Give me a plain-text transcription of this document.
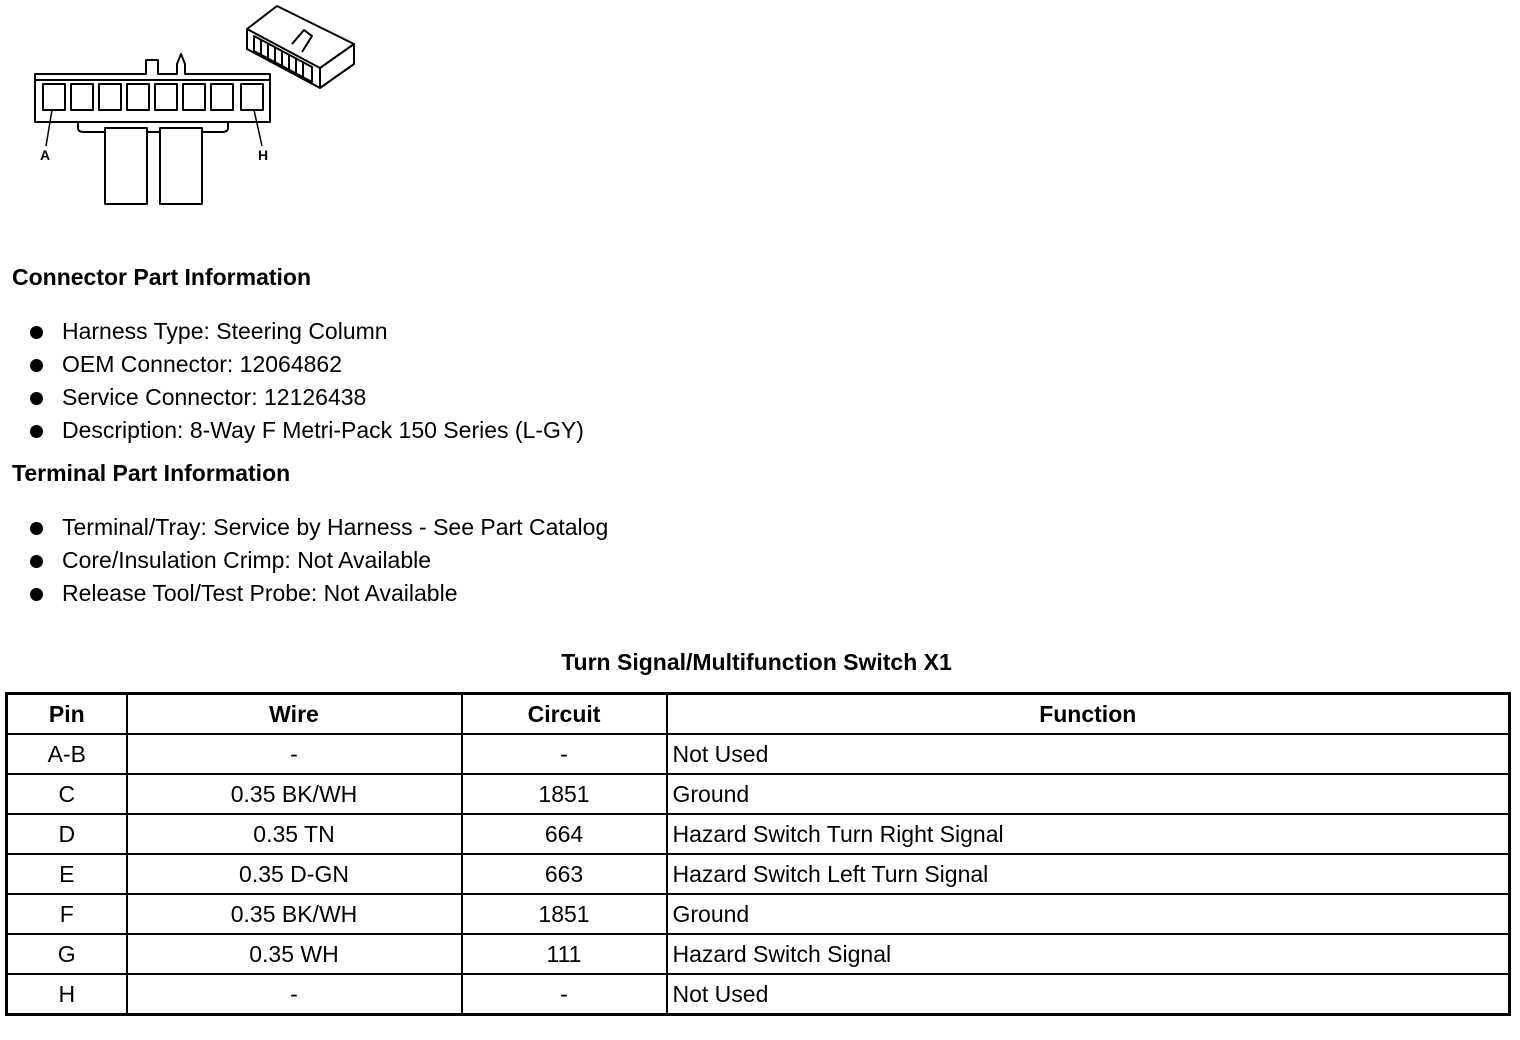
A	H
Connector Part Information
Harness Type: Steering Column
OEM Connector: 12064862
Service Connector: 12126438
Description: 8-Way F Metri-Pack 150 Series (L-GY)
Terminal Part Information
Terminal/Tray: Service by Harness - See Part Catalog
Core/Insulation Crimp: Not Available
Release Tool/Test Probe: Not Available
Turn Signal/Multifunction Switch X1
Pin	Wire	Circuit	Function
A-B	-	-	Not Used
C	0.35 BK/WH	1851	Ground
D	0.35 TN	664	Hazard Switch Turn Right Signal
E	0.35 D-GN	663	Hazard Switch Left Turn Signal
F	0.35 BK/WH	1851	Ground
G	0.35 WH	111	Hazard Switch Signal
H	-	-	Not Used
